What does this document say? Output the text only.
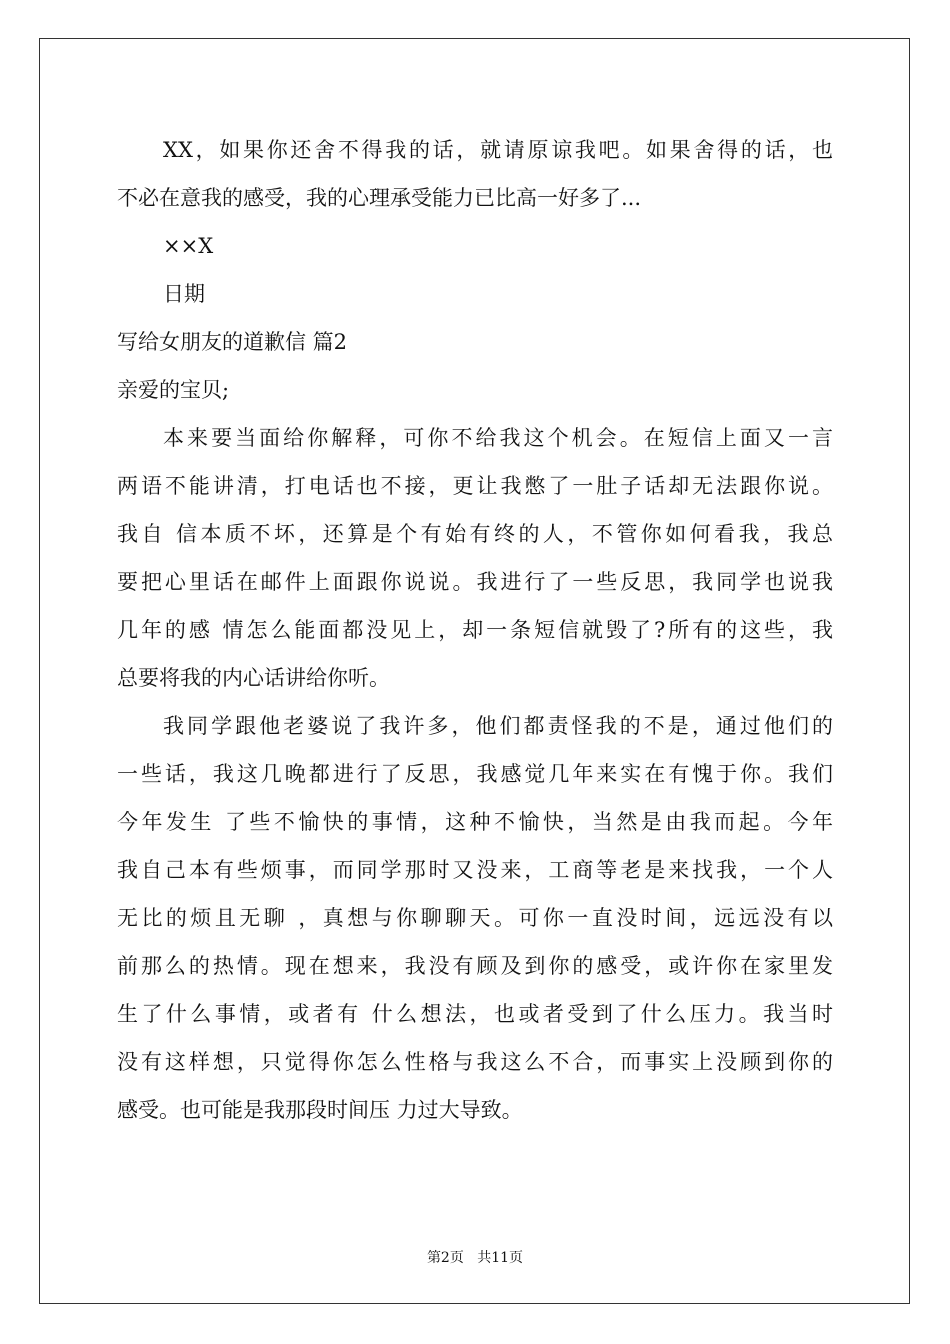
XX，如果你还舍不得我的话，就请原谅我吧。如果舍得的话，也
不必在意我的感受，我的心理承受能力已比高一好多了...
××X
日期
写给女朋友的道歉信 篇2
亲爱的宝贝;
本来要当面给你解释，可你不给我这个机会。在短信上面又一言
两语不能讲清，打电话也不接，更让我憋了一肚子话却无法跟你说。
我自 信本质不坏，还算是个有始有终的人，不管你如何看我，我总
要把心里话在邮件上面跟你说说。我进行了一些反思，我同学也说我
几年的感 情怎么能面都没见上，却一条短信就毁了?所有的这些，我
总要将我的内心话讲给你听。
我同学跟他老婆说了我许多，他们都责怪我的不是，通过他们的
一些话，我这几晚都进行了反思，我感觉几年来实在有愧于你。我们
今年发生 了些不愉快的事情，这种不愉快，当然是由我而起。今年
我自己本有些烦事，而同学那时又没来，工商等老是来找我，一个人
无比的烦且无聊 ，真想与你聊聊天。可你一直没时间，远远没有以
前那么的热情。现在想来，我没有顾及到你的感受，或许你在家里发
生了什么事情，或者有 什么想法，也或者受到了什么压力。我当时
没有这样想，只觉得你怎么性格与我这么不合，而事实上没顾到你的
感受。也可能是我那段时间压 力过大导致。
第2页 共11页
